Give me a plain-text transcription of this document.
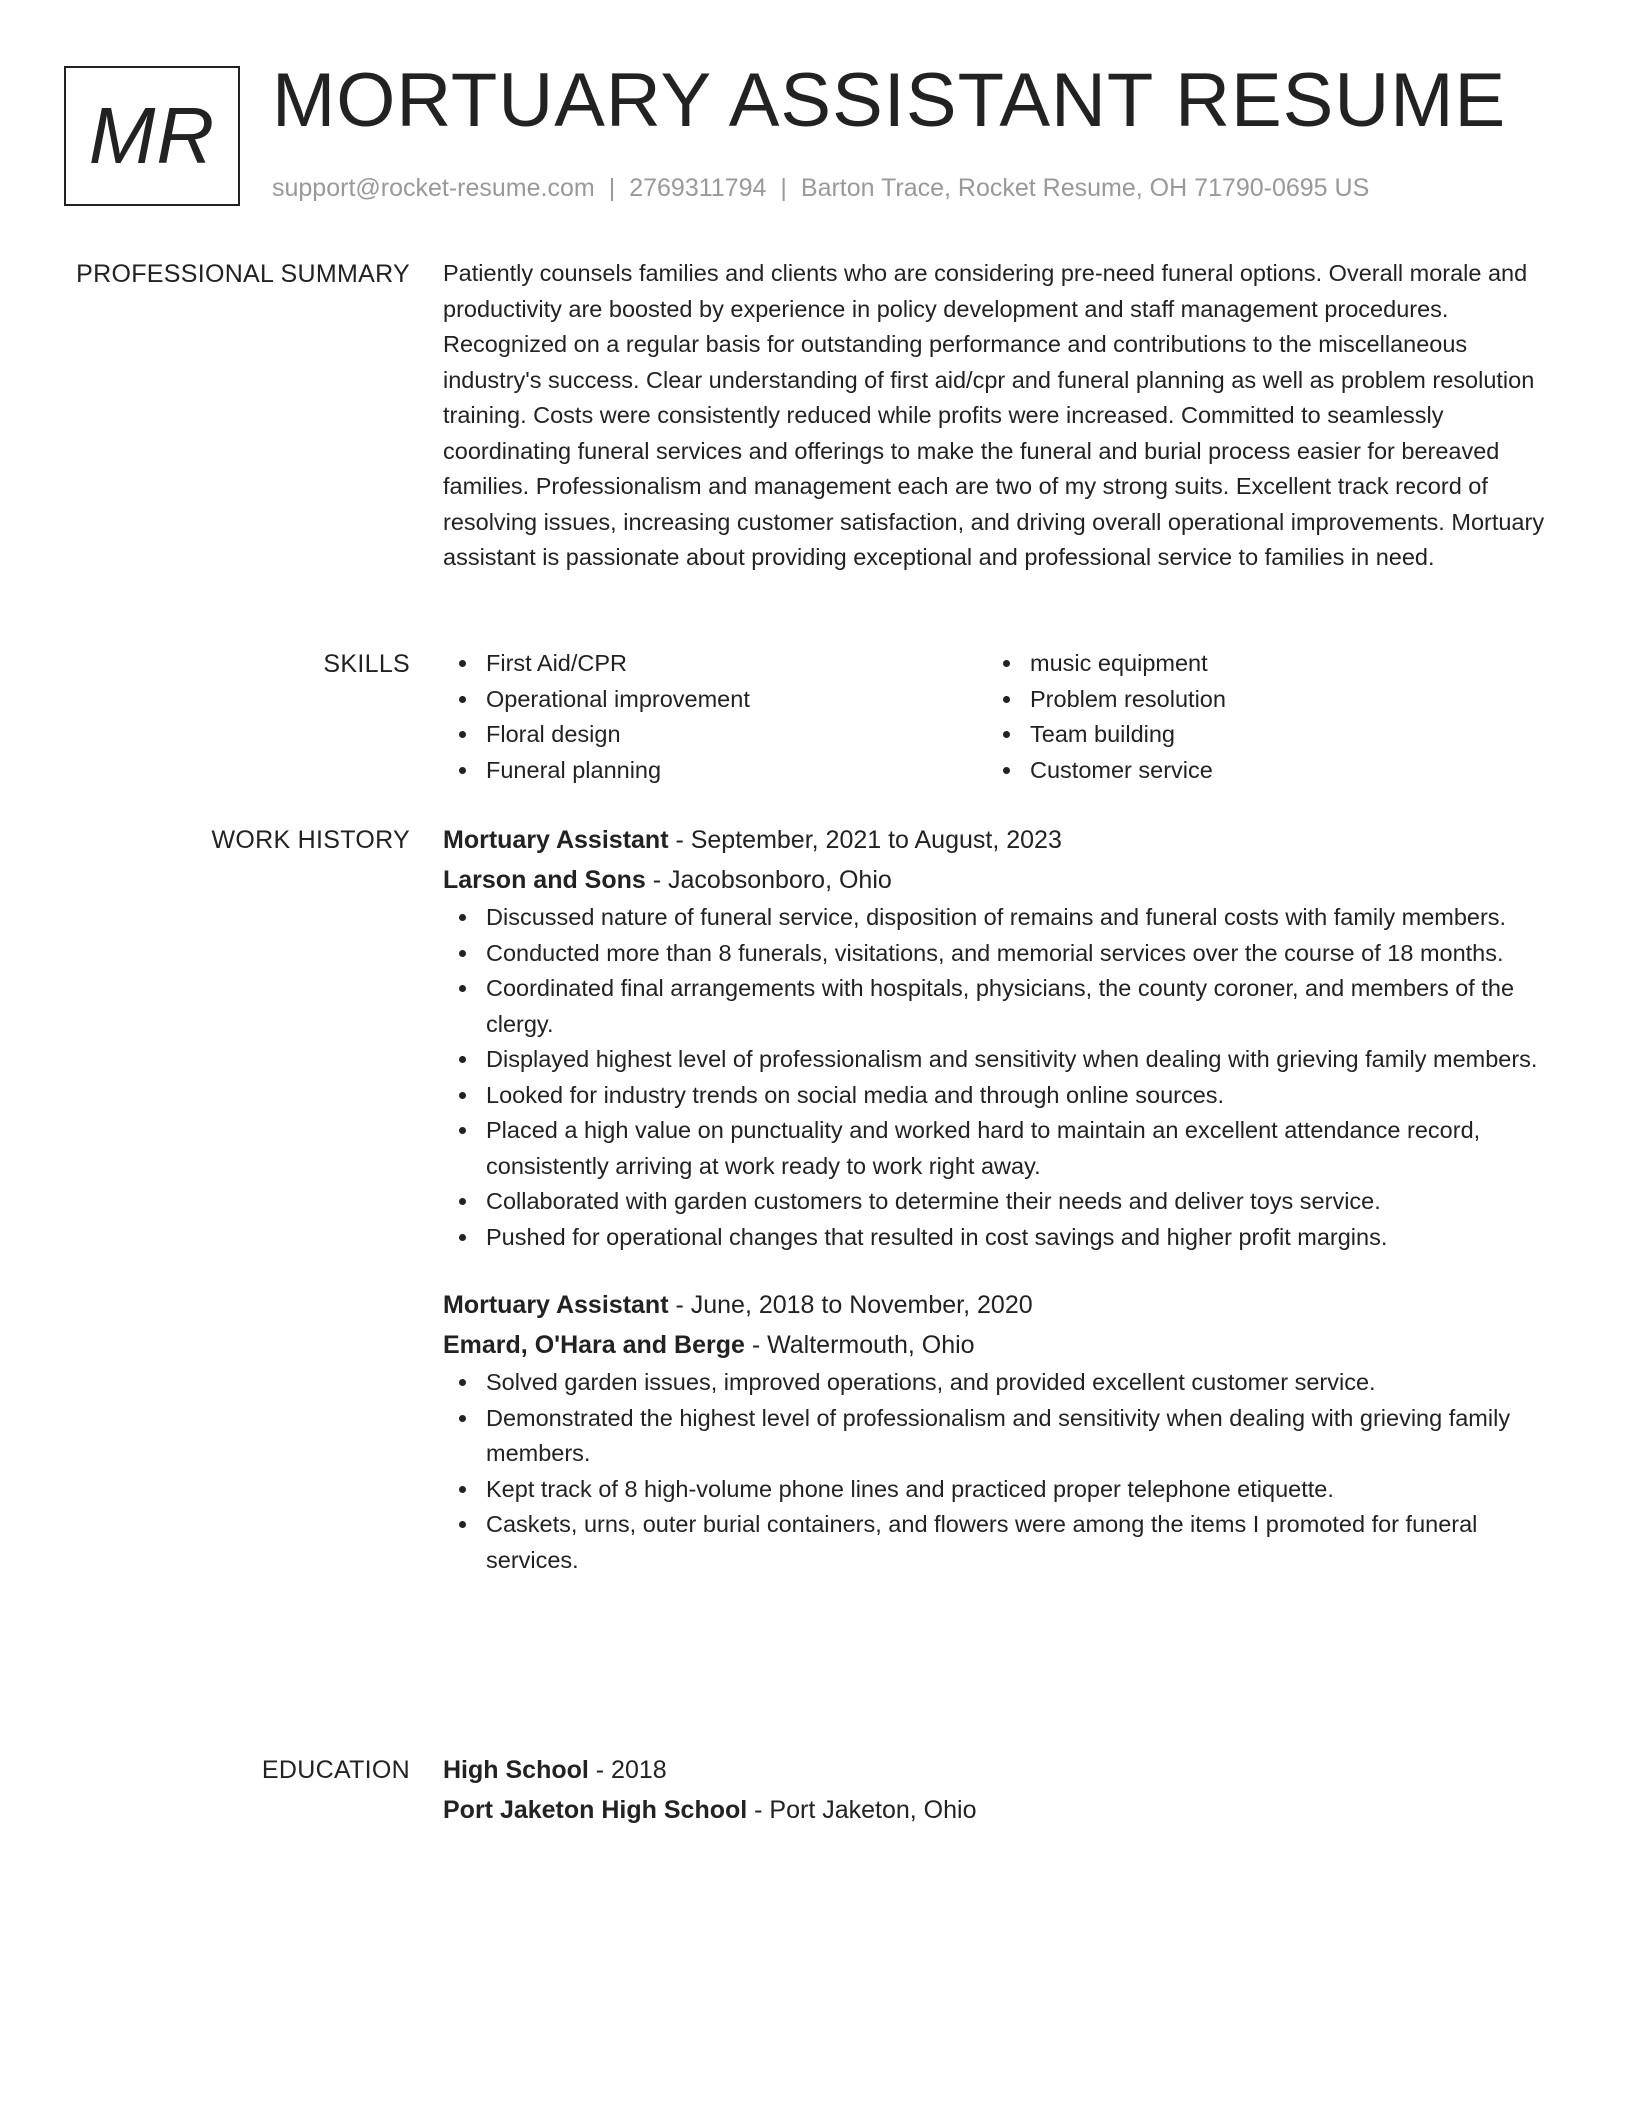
MR MORTUARY ASSISTANT RESUME
support@rocket-resume.com | 2769311794 | Barton Trace, Rocket Resume, OH 71790-0695 US
PROFESSIONAL SUMMARY Patiently counsels families and clients who are considering pre-need funeral options. Overall morale and productivity are boosted by experience in policy development and staff management procedures. Recognized on a regular basis for outstanding performance and contributions to the miscellaneous industry's success. Clear understanding of first aid/cpr and funeral planning as well as problem resolution training. Costs were consistently reduced while profits were increased. Committed to seamlessly coordinating funeral services and offerings to make the funeral and burial process easier for bereaved families. Professionalism and management each are two of my strong suits. Excellent track record of resolving issues, increasing customer satisfaction, and driving overall operational improvements. Mortuary assistant is passionate about providing exceptional and professional service to families in need.

SKILLS	First Aid/CPR
Operational improvement
Floral design
Funeral planning
music equipment
Problem resolution
Team building
Customer service
WORK HISTORY Mortuary Assistant - September, 2021 to August, 2023
Larson and Sons - Jacobsonboro, Ohio
Discussed nature of funeral service, disposition of remains and funeral costs with family members.
Conducted more than 8 funerals, visitations, and memorial services over the course of 18 months.
Coordinated final arrangements with hospitals, physicians, the county coroner, and members of the clergy.
Displayed highest level of professionalism and sensitivity when dealing with grieving family members.
Looked for industry trends on social media and through online sources.
Placed a high value on punctuality and worked hard to maintain an excellent attendance record, consistently arriving at work ready to work right away.
Collaborated with garden customers to determine their needs and deliver toys service.
Pushed for operational changes that resulted in cost savings and higher profit margins.
Mortuary Assistant - June, 2018 to November, 2020
Emard, O'Hara and Berge - Waltermouth, Ohio
Solved garden issues, improved operations, and provided excellent customer service.
Demonstrated the highest level of professionalism and sensitivity when dealing with grieving family members.
Kept track of 8 high-volume phone lines and practiced proper telephone etiquette.
Caskets, urns, outer burial containers, and flowers were among the items I promoted for funeral services.
EDUCATION High School - 2018
Port Jaketon High School - Port Jaketon, Ohio
